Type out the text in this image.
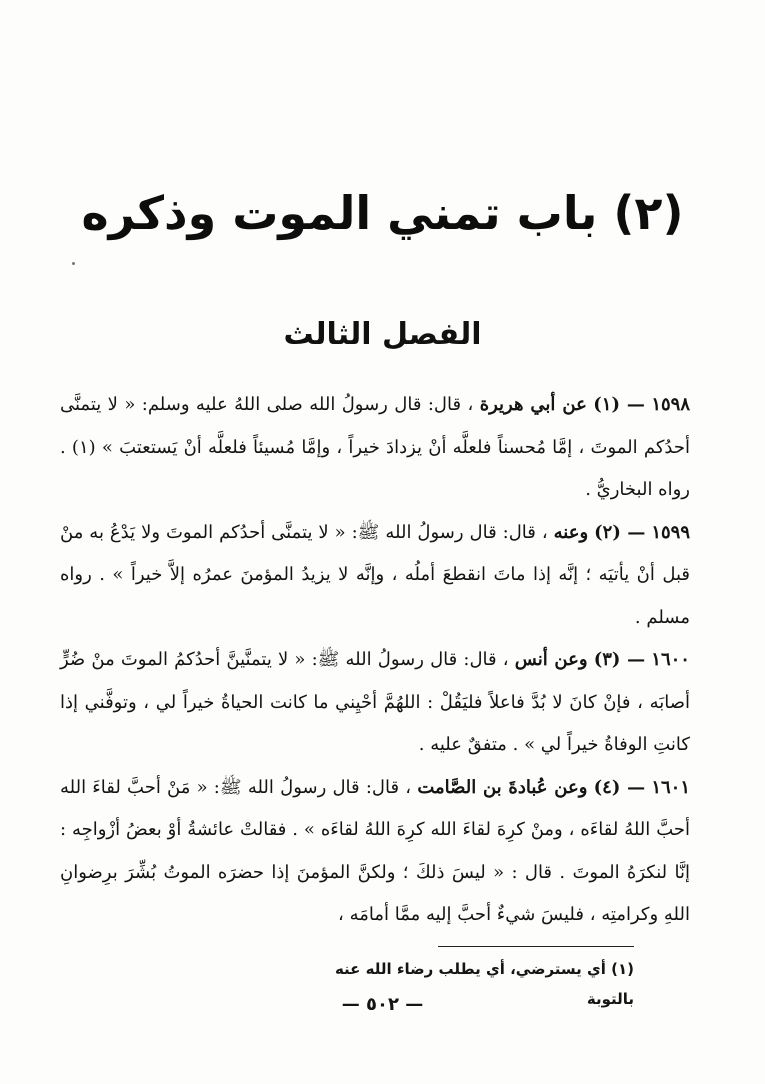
(٢) باب تمني الموت وذكره
الفصل الثالث

١٥٩٨ — (١) عن أبي هريرة ، قال: قال رسولُ الله صلى اللهُ عليه وسلم: « لا يتمنَّى أحدُكم الموتَ ، إمَّا مُحسناً فلعلَّه أنْ يزدادَ خيراً ، وإمَّا مُسيئاً فلعلَّه أنْ يَستعتبَ » (١) . رواه البخاريُّ .

١٥٩٩ — (٢) وعنه ، قال: قال رسولُ الله ﷺ: « لا يتمنَّى أحدُكم الموتَ ولا يَدْعُ به منْ قبل أنْ يأتيَه ؛ إنَّه إذا ماتَ انقطعَ أملُه ، وإنَّه لا يزيدُ المؤمنَ عمرُه إلاَّ خيراً » . رواه مسلم .

١٦٠٠ — (٣) وعن أنس ، قال: قال رسولُ الله ﷺ: « لا يتمنَّينَّ أحدُكمُ الموتَ منْ ضُرٍّ أصابَه ، فإنْ كانَ لا بُدَّ فاعلاً فليَقُلْ : اللهُمَّ أحْيِني ما كانت الحياةُ خيراً لي ، وتوفَّني إذا كانتِ الوفاةُ خيراً لي » . متفقٌ عليه .

١٦٠١ — (٤) وعن عُبادةَ بن الصَّامت ، قال: قال رسولُ الله ﷺ: « مَنْ أحبَّ لقاءَ الله أحبَّ اللهُ لقاءَه ، ومنْ كرِهَ لقاءَ الله كرِهَ اللهُ لقاءَه » . فقالتْ عائشةُ أوْ بعضُ أزْواجِه : إنَّا لنكرَهُ الموتَ . قال : « ليسَ ذلكَ ؛ ولكنَّ المؤمنَ إذا حضرَه الموتُ بُشِّرَ برِضوانِ اللهِ وكرامتِه ، فليسَ شيءٌ أحبَّ إليه ممَّا أمامَه ،

(١) أي يسترضي، أي يطلب رضاء الله عنه بالتوبة
— ٥٠٢ —
